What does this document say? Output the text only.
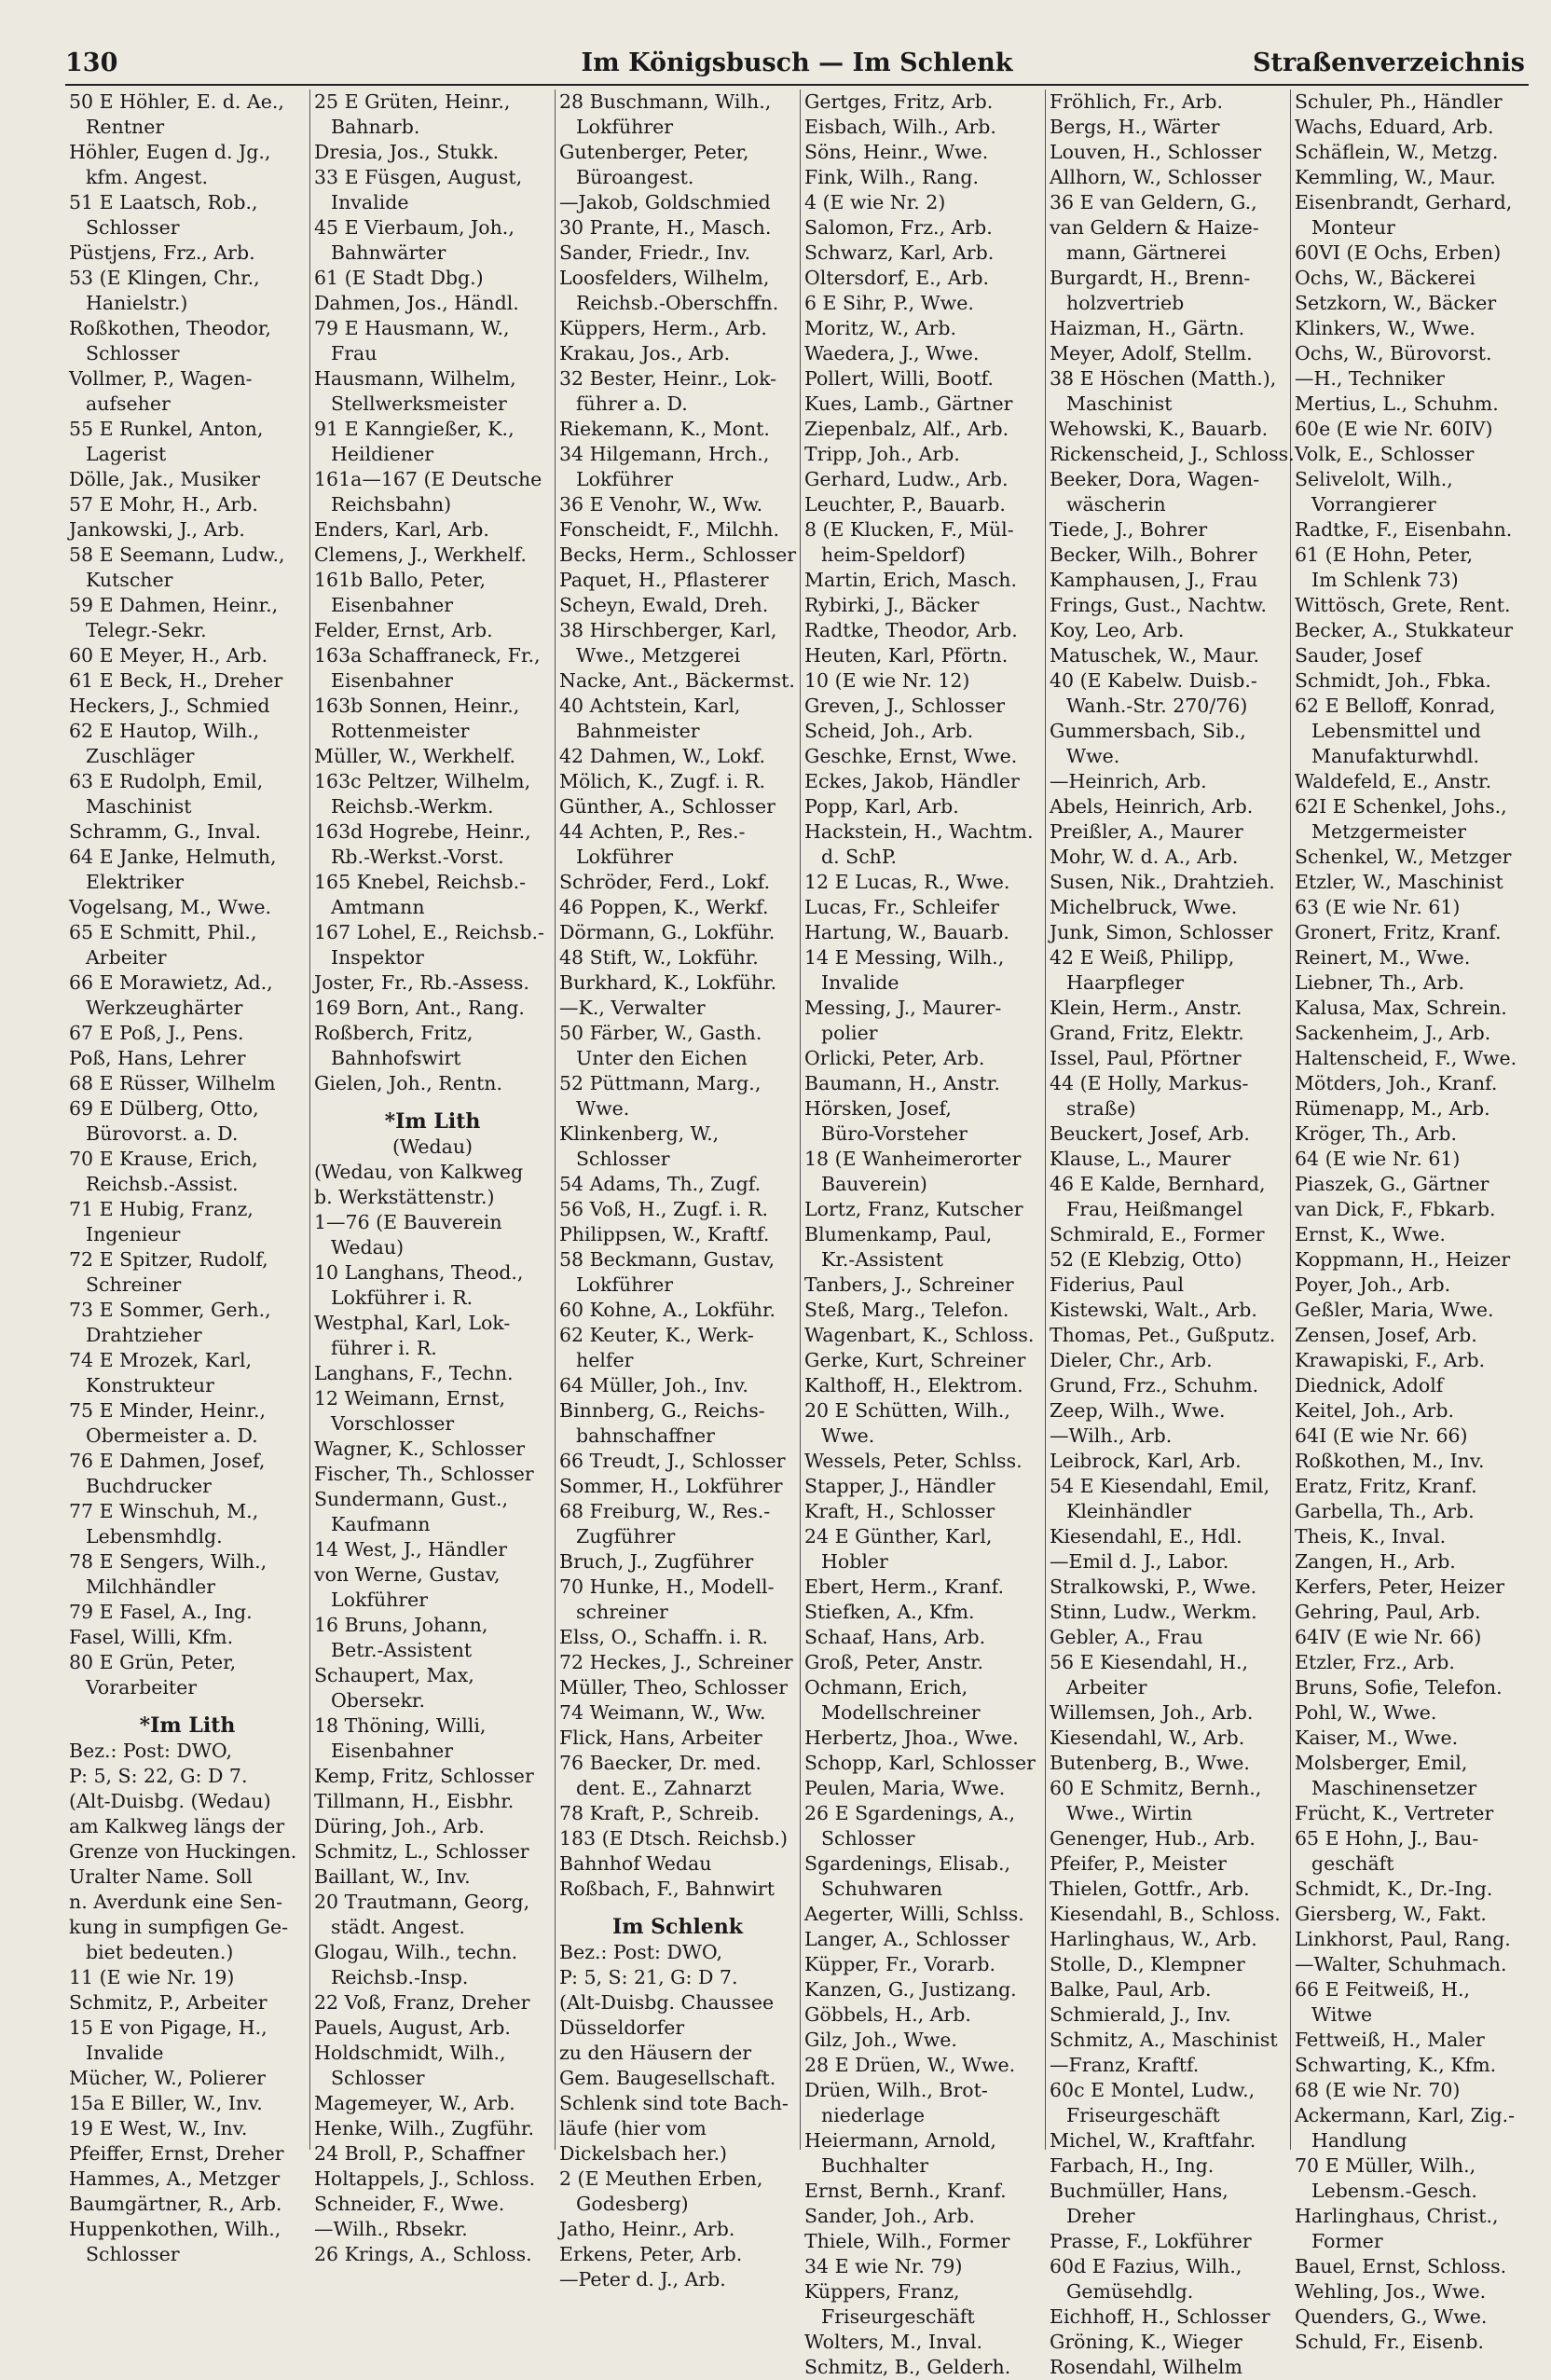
130	Im Königsbusch — Im Schlenk	Straßenverzeichnis
50 E Höhler, E. d. Ae.,
Rentner
Höhler, Eugen d. Jg.,
kfm. Angest.
51 E Laatsch, Rob.,
Schlosser
Püstjens, Frz., Arb.
53 (E Klingen, Chr.,
Hanielstr.)
Roßkothen, Theodor,
Schlosser
Vollmer, P., Wagen-
aufseher
55 E Runkel, Anton,
Lagerist
Dölle, Jak., Musiker
57 E Mohr, H., Arb.
Jankowski, J., Arb.
58 E Seemann, Ludw.,
Kutscher
59 E Dahmen, Heinr.,
Telegr.-Sekr.
60 E Meyer, H., Arb.
61 E Beck, H., Dreher
Heckers, J., Schmied
62 E Hautop, Wilh.,
Zuschläger
63 E Rudolph, Emil,
Maschinist
Schramm, G., Inval.
64 E Janke, Helmuth,
Elektriker
Vogelsang, M., Wwe.
65 E Schmitt, Phil.,
Arbeiter
66 E Morawietz, Ad.,
Werkzeughärter
67 E Poß, J., Pens.
Poß, Hans, Lehrer
68 E Rüsser, Wilhelm
69 E Dülberg, Otto,
Bürovorst. a. D.
70 E Krause, Erich,
Reichsb.-Assist.
71 E Hubig, Franz,
Ingenieur
72 E Spitzer, Rudolf,
Schreiner
73 E Sommer, Gerh.,
Drahtzieher
74 E Mrozek, Karl,
Konstrukteur
75 E Minder, Heinr.,
Obermeister a. D.
76 E Dahmen, Josef,
Buchdrucker
77 E Winschuh, M.,
Lebensmhdlg.
78 E Sengers, Wilh.,
Milchhändler
79 E Fasel, A., Ing.
Fasel, Willi, Kfm.
80 E Grün, Peter,
Vorarbeiter
*Im Lith
Bez.: Post: DWO,
P: 5, S: 22, G: D 7.
(Alt-Duisbg. (Wedau)
am Kalkweg längs der
Grenze von Huckingen.
Uralter Name. Soll
n. Averdunk eine Sen-
kung in sumpfigen Ge-
biet bedeuten.)
11 (E wie Nr. 19)
Schmitz, P., Arbeiter
15 E von Pigage, H.,
Invalide
Mücher, W., Polierer
15a E Biller, W., Inv.
19 E West, W., Inv.
Pfeiffer, Ernst, Dreher
Hammes, A., Metzger
Baumgärtner, R., Arb.
Huppenkothen, Wilh.,
Schlosser
25 E Grüten, Heinr.,
Bahnarb.
Dresia, Jos., Stukk.
33 E Füsgen, August,
Invalide
45 E Vierbaum, Joh.,
Bahnwärter
61 (E Stadt Dbg.)
Dahmen, Jos., Händl.
79 E Hausmann, W.,
Frau
Hausmann, Wilhelm,
Stellwerksmeister
91 E Kanngießer, K.,
Heildiener
161a—167 (E Deutsche
Reichsbahn)
Enders, Karl, Arb.
Clemens, J., Werkhelf.
161b Ballo, Peter,
Eisenbahner
Felder, Ernst, Arb.
163a Schaffraneck, Fr.,
Eisenbahner
163b Sonnen, Heinr.,
Rottenmeister
Müller, W., Werkhelf.
163c Peltzer, Wilhelm,
Reichsb.-Werkm.
163d Hogrebe, Heinr.,
Rb.-Werkst.-Vorst.
165 Knebel, Reichsb.-
Amtmann
167 Lohel, E., Reichsb.-
Inspektor
Joster, Fr., Rb.-Assess.
169 Born, Ant., Rang.
Roßberch, Fritz,
Bahnhofswirt
Gielen, Joh., Rentn.
*Im Lith
(Wedau)
(Wedau, von Kalkweg
b. Werkstättenstr.)
1—76 (E Bauverein
Wedau)
10 Langhans, Theod.,
Lokführer i. R.
Westphal, Karl, Lok-
führer i. R.
Langhans, F., Techn.
12 Weimann, Ernst,
Vorschlosser
Wagner, K., Schlosser
Fischer, Th., Schlosser
Sundermann, Gust.,
Kaufmann
14 West, J., Händler
von Werne, Gustav,
Lokführer
16 Bruns, Johann,
Betr.-Assistent
Schaupert, Max,
Obersekr.
18 Thöning, Willi,
Eisenbahner
Kemp, Fritz, Schlosser
Tillmann, H., Eisbhr.
Düring, Joh., Arb.
Schmitz, L., Schlosser
Baillant, W., Inv.
20 Trautmann, Georg,
städt. Angest.
Glogau, Wilh., techn.
Reichsb.-Insp.
22 Voß, Franz, Dreher
Pauels, August, Arb.
Holdschmidt, Wilh.,
Schlosser
Magemeyer, W., Arb.
Henke, Wilh., Zugführ.
24 Broll, P., Schaffner
Holtappels, J., Schloss.
Schneider, F., Wwe.
—Wilh., Rbsekr.
26 Krings, A., Schloss.
28 Buschmann, Wilh.,
Lokführer
Gutenberger, Peter,
Büroangest.
—Jakob, Goldschmied
30 Prante, H., Masch.
Sander, Friedr., Inv.
Loosfelders, Wilhelm,
Reichsb.-Oberschffn.
Küppers, Herm., Arb.
Krakau, Jos., Arb.
32 Bester, Heinr., Lok-
führer a. D.
Riekemann, K., Mont.
34 Hilgemann, Hrch.,
Lokführer
36 E Venohr, W., Ww.
Fonscheidt, F., Milchh.
Becks, Herm., Schlosser
Paquet, H., Pflasterer
Scheyn, Ewald, Dreh.
38 Hirschberger, Karl,
Wwe., Metzgerei
Nacke, Ant., Bäckermst.
40 Achtstein, Karl,
Bahnmeister
42 Dahmen, W., Lokf.
Mölich, K., Zugf. i. R.
Günther, A., Schlosser
44 Achten, P., Res.-
Lokführer
Schröder, Ferd., Lokf.
46 Poppen, K., Werkf.
Dörmann, G., Lokführ.
48 Stift, W., Lokführ.
Burkhard, K., Lokführ.
—K., Verwalter
50 Färber, W., Gasth.
Unter den Eichen
52 Püttmann, Marg.,
Wwe.
Klinkenberg, W.,
Schlosser
54 Adams, Th., Zugf.
56 Voß, H., Zugf. i. R.
Philippsen, W., Kraftf.
58 Beckmann, Gustav,
Lokführer
60 Kohne, A., Lokführ.
62 Keuter, K., Werk-
helfer
64 Müller, Joh., Inv.
Binnberg, G., Reichs-
bahnschaffner
66 Treudt, J., Schlosser
Sommer, H., Lokführer
68 Freiburg, W., Res.-
Zugführer
Bruch, J., Zugführer
70 Hunke, H., Modell-
schreiner
Elss, O., Schaffn. i. R.
72 Heckes, J., Schreiner
Müller, Theo, Schlosser
74 Weimann, W., Ww.
Flick, Hans, Arbeiter
76 Baecker, Dr. med.
dent. E., Zahnarzt
78 Kraft, P., Schreib.
183 (E Dtsch. Reichsb.)
Bahnhof Wedau
Roßbach, F., Bahnwirt
Im Schlenk
Bez.: Post: DWO,
P: 5, S: 21, G: D 7.
(Alt-Duisbg. Chaussee
Düsseldorfer
zu den Häusern der
Gem. Baugesellschaft.
Schlenk sind tote Bach-
läufe (hier vom
Dickelsbach her.)
2 (E Meuthen Erben,
Godesberg)
Jatho, Heinr., Arb.
Erkens, Peter, Arb.
—Peter d. J., Arb.
Gertges, Fritz, Arb.
Eisbach, Wilh., Arb.
Söns, Heinr., Wwe.
Fink, Wilh., Rang.
4 (E wie Nr. 2)
Salomon, Frz., Arb.
Schwarz, Karl, Arb.
Oltersdorf, E., Arb.
6 E Sihr, P., Wwe.
Moritz, W., Arb.
Waedera, J., Wwe.
Pollert, Willi, Bootf.
Kues, Lamb., Gärtner
Ziepenbalz, Alf., Arb.
Tripp, Joh., Arb.
Gerhard, Ludw., Arb.
Leuchter, P., Bauarb.
8 (E Klucken, F., Mül-
heim-Speldorf)
Martin, Erich, Masch.
Rybirki, J., Bäcker
Radtke, Theodor, Arb.
Heuten, Karl, Pförtn.
10 (E wie Nr. 12)
Greven, J., Schlosser
Scheid, Joh., Arb.
Geschke, Ernst, Wwe.
Eckes, Jakob, Händler
Popp, Karl, Arb.
Hackstein, H., Wachtm.
d. SchP.
12 E Lucas, R., Wwe.
Lucas, Fr., Schleifer
Hartung, W., Bauarb.
14 E Messing, Wilh.,
Invalide
Messing, J., Maurer-
polier
Orlicki, Peter, Arb.
Baumann, H., Anstr.
Hörsken, Josef,
Büro-Vorsteher
18 (E Wanheimerorter
Bauverein)
Lortz, Franz, Kutscher
Blumenkamp, Paul,
Kr.-Assistent
Tanbers, J., Schreiner
Steß, Marg., Telefon.
Wagenbart, K., Schloss.
Gerke, Kurt, Schreiner
Kalthoff, H., Elektrom.
20 E Schütten, Wilh.,
Wwe.
Wessels, Peter, Schlss.
Stapper, J., Händler
Kraft, H., Schlosser
24 E Günther, Karl,
Hobler
Ebert, Herm., Kranf.
Stiefken, A., Kfm.
Schaaf, Hans, Arb.
Groß, Peter, Anstr.
Ochmann, Erich,
Modellschreiner
Herbertz, Jhoa., Wwe.
Schopp, Karl, Schlosser
Peulen, Maria, Wwe.
26 E Sgardenings, A.,
Schlosser
Sgardenings, Elisab.,
Schuhwaren
Aegerter, Willi, Schlss.
Langer, A., Schlosser
Küpper, Fr., Vorarb.
Kanzen, G., Justizang.
Göbbels, H., Arb.
Gilz, Joh., Wwe.
28 E Drüen, W., Wwe.
Drüen, Wilh., Brot-
niederlage
Heiermann, Arnold,
Buchhalter
Ernst, Bernh., Kranf.
Sander, Joh., Arb.
Thiele, Wilh., Former
34 E wie Nr. 79)
Küppers, Franz,
Friseurgeschäft
Wolters, M., Inval.
Schmitz, B., Gelderh.
Fröhlich, Fr., Arb.
Bergs, H., Wärter
Louven, H., Schlosser
Allhorn, W., Schlosser
36 E van Geldern, G.,
van Geldern & Haize-
mann, Gärtnerei
Burgardt, H., Brenn-
holzvertrieb
Haizman, H., Gärtn.
Meyer, Adolf, Stellm.
38 E Höschen (Matth.),
Maschinist
Wehowski, K., Bauarb.
Rickenscheid, J., Schloss.
Beeker, Dora, Wagen-
wäscherin
Tiede, J., Bohrer
Becker, Wilh., Bohrer
Kamphausen, J., Frau
Frings, Gust., Nachtw.
Koy, Leo, Arb.
Matuschek, W., Maur.
40 (E Kabelw. Duisb.-
Wanh.-Str. 270/76)
Gummersbach, Sib.,
Wwe.
—Heinrich, Arb.
Abels, Heinrich, Arb.
Preißler, A., Maurer
Mohr, W. d. A., Arb.
Susen, Nik., Drahtzieh.
Michelbruck, Wwe.
Junk, Simon, Schlosser
42 E Weiß, Philipp,
Haarpfleger
Klein, Herm., Anstr.
Grand, Fritz, Elektr.
Issel, Paul, Pförtner
44 (E Holly, Markus-
straße)
Beuckert, Josef, Arb.
Klause, L., Maurer
46 E Kalde, Bernhard,
Frau, Heißmangel
Schmirald, E., Former
52 (E Klebzig, Otto)
Fiderius, Paul
Kistewski, Walt., Arb.
Thomas, Pet., Gußputz.
Dieler, Chr., Arb.
Grund, Frz., Schuhm.
Zeep, Wilh., Wwe.
—Wilh., Arb.
Leibrock, Karl, Arb.
54 E Kiesendahl, Emil,
Kleinhändler
Kiesendahl, E., Hdl.
—Emil d. J., Labor.
Stralkowski, P., Wwe.
Stinn, Ludw., Werkm.
Gebler, A., Frau
56 E Kiesendahl, H.,
Arbeiter
Willemsen, Joh., Arb.
Kiesendahl, W., Arb.
Butenberg, B., Wwe.
60 E Schmitz, Bernh.,
Wwe., Wirtin
Genenger, Hub., Arb.
Pfeifer, P., Meister
Thielen, Gottfr., Arb.
Kiesendahl, B., Schloss.
Harlinghaus, W., Arb.
Stolle, D., Klempner
Balke, Paul, Arb.
Schmierald, J., Inv.
Schmitz, A., Maschinist
—Franz, Kraftf.
60c E Montel, Ludw.,
Friseurgeschäft
Michel, W., Kraftfahr.
Farbach, H., Ing.
Buchmüller, Hans,
Dreher
Prasse, F., Lokführer
60d E Fazius, Wilh.,
Gemüsehdlg.
Eichhoff, H., Schlosser
Gröning, K., Wieger
Rosendahl, Wilhelm
Schuler, Ph., Händler
Wachs, Eduard, Arb.
Schäflein, W., Metzg.
Kemmling, W., Maur.
Eisenbrandt, Gerhard,
Monteur
60VI (E Ochs, Erben)
Ochs, W., Bäckerei
Setzkorn, W., Bäcker
Klinkers, W., Wwe.
Ochs, W., Bürovorst.
—H., Techniker
Mertius, L., Schuhm.
60e (E wie Nr. 60IV)
Volk, E., Schlosser
Selivelolt, Wilh.,
Vorrangierer
Radtke, F., Eisenbahn.
61 (E Hohn, Peter,
Im Schlenk 73)
Wittösch, Grete, Rent.
Becker, A., Stukkateur
Sauder, Josef
Schmidt, Joh., Fbka.
62 E Belloff, Konrad,
Lebensmittel und
Manufakturwhdl.
Waldefeld, E., Anstr.
62I E Schenkel, Johs.,
Metzgermeister
Schenkel, W., Metzger
Etzler, W., Maschinist
63 (E wie Nr. 61)
Gronert, Fritz, Kranf.
Reinert, M., Wwe.
Liebner, Th., Arb.
Kalusa, Max, Schrein.
Sackenheim, J., Arb.
Haltenscheid, F., Wwe.
Mötders, Joh., Kranf.
Rümenapp, M., Arb.
Kröger, Th., Arb.
64 (E wie Nr. 61)
Piaszek, G., Gärtner
van Dick, F., Fbkarb.
Ernst, K., Wwe.
Koppmann, H., Heizer
Poyer, Joh., Arb.
Geßler, Maria, Wwe.
Zensen, Josef, Arb.
Krawapiski, F., Arb.
Diednick, Adolf
Keitel, Joh., Arb.
64I (E wie Nr. 66)
Roßkothen, M., Inv.
Eratz, Fritz, Kranf.
Garbella, Th., Arb.
Theis, K., Inval.
Zangen, H., Arb.
Kerfers, Peter, Heizer
Gehring, Paul, Arb.
64IV (E wie Nr. 66)
Etzler, Frz., Arb.
Bruns, Sofie, Telefon.
Pohl, W., Wwe.
Kaiser, M., Wwe.
Molsberger, Emil,
Maschinensetzer
Frücht, K., Vertreter
65 E Hohn, J., Bau-
geschäft
Schmidt, K., Dr.-Ing.
Giersberg, W., Fakt.
Linkhorst, Paul, Rang.
—Walter, Schuhmach.
66 E Feitweiß, H.,
Witwe
Fettweiß, H., Maler
Schwarting, K., Kfm.
68 (E wie Nr. 70)
Ackermann, Karl, Zig.-
Handlung
70 E Müller, Wilh.,
Lebensm.-Gesch.
Harlinghaus, Christ.,
Former
Bauel, Ernst, Schloss.
Wehling, Jos., Wwe.
Quenders, G., Wwe.
Schuld, Fr., Eisenb.
